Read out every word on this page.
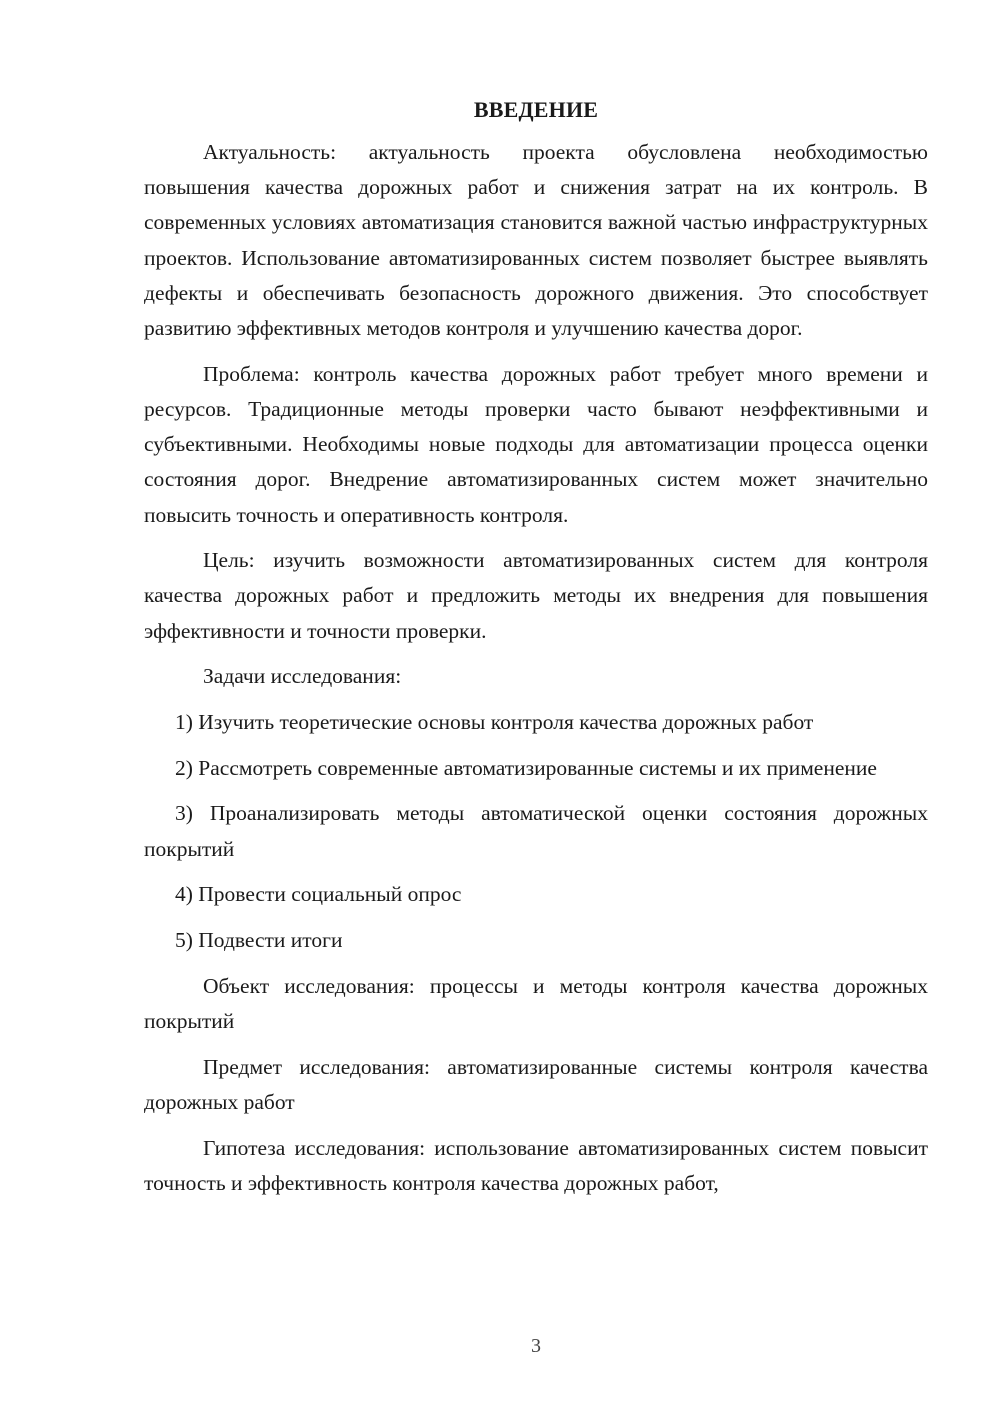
ВВЕДЕНИЕ

Актуальность: актуальность проекта обусловлена необходимостью повышения качества дорожных работ и снижения затрат на их контроль. В современных условиях автоматизация становится важной частью инфраструктурных проектов. Использование автоматизированных систем позволяет быстрее выявлять дефекты и обеспечивать безопасность дорожного движения. Это способствует развитию эффективных методов контроля и улучшению качества дорог.

Проблема: контроль качества дорожных работ требует много времени и ресурсов. Традиционные методы проверки часто бывают неэффективными и субъективными. Необходимы новые подходы для автоматизации процесса оценки состояния дорог. Внедрение автоматизированных систем может значительно повысить точность и оперативность контроля.

Цель: изучить возможности автоматизированных систем для контроля качества дорожных работ и предложить методы их внедрения для повышения эффективности и точности проверки.

Задачи исследования:

1) Изучить теоретические основы контроля качества дорожных работ

2) Рассмотреть современные автоматизированные системы и их применение

3) Проанализировать методы автоматической оценки состояния дорожных покрытий

4) Провести социальный опрос

5) Подвести итоги

Объект исследования: процессы и методы контроля качества дорожных покрытий

Предмет исследования: автоматизированные системы контроля качества дорожных работ

Гипотеза исследования: использование автоматизированных систем повысит точность и эффективность контроля качества дорожных работ,

3
